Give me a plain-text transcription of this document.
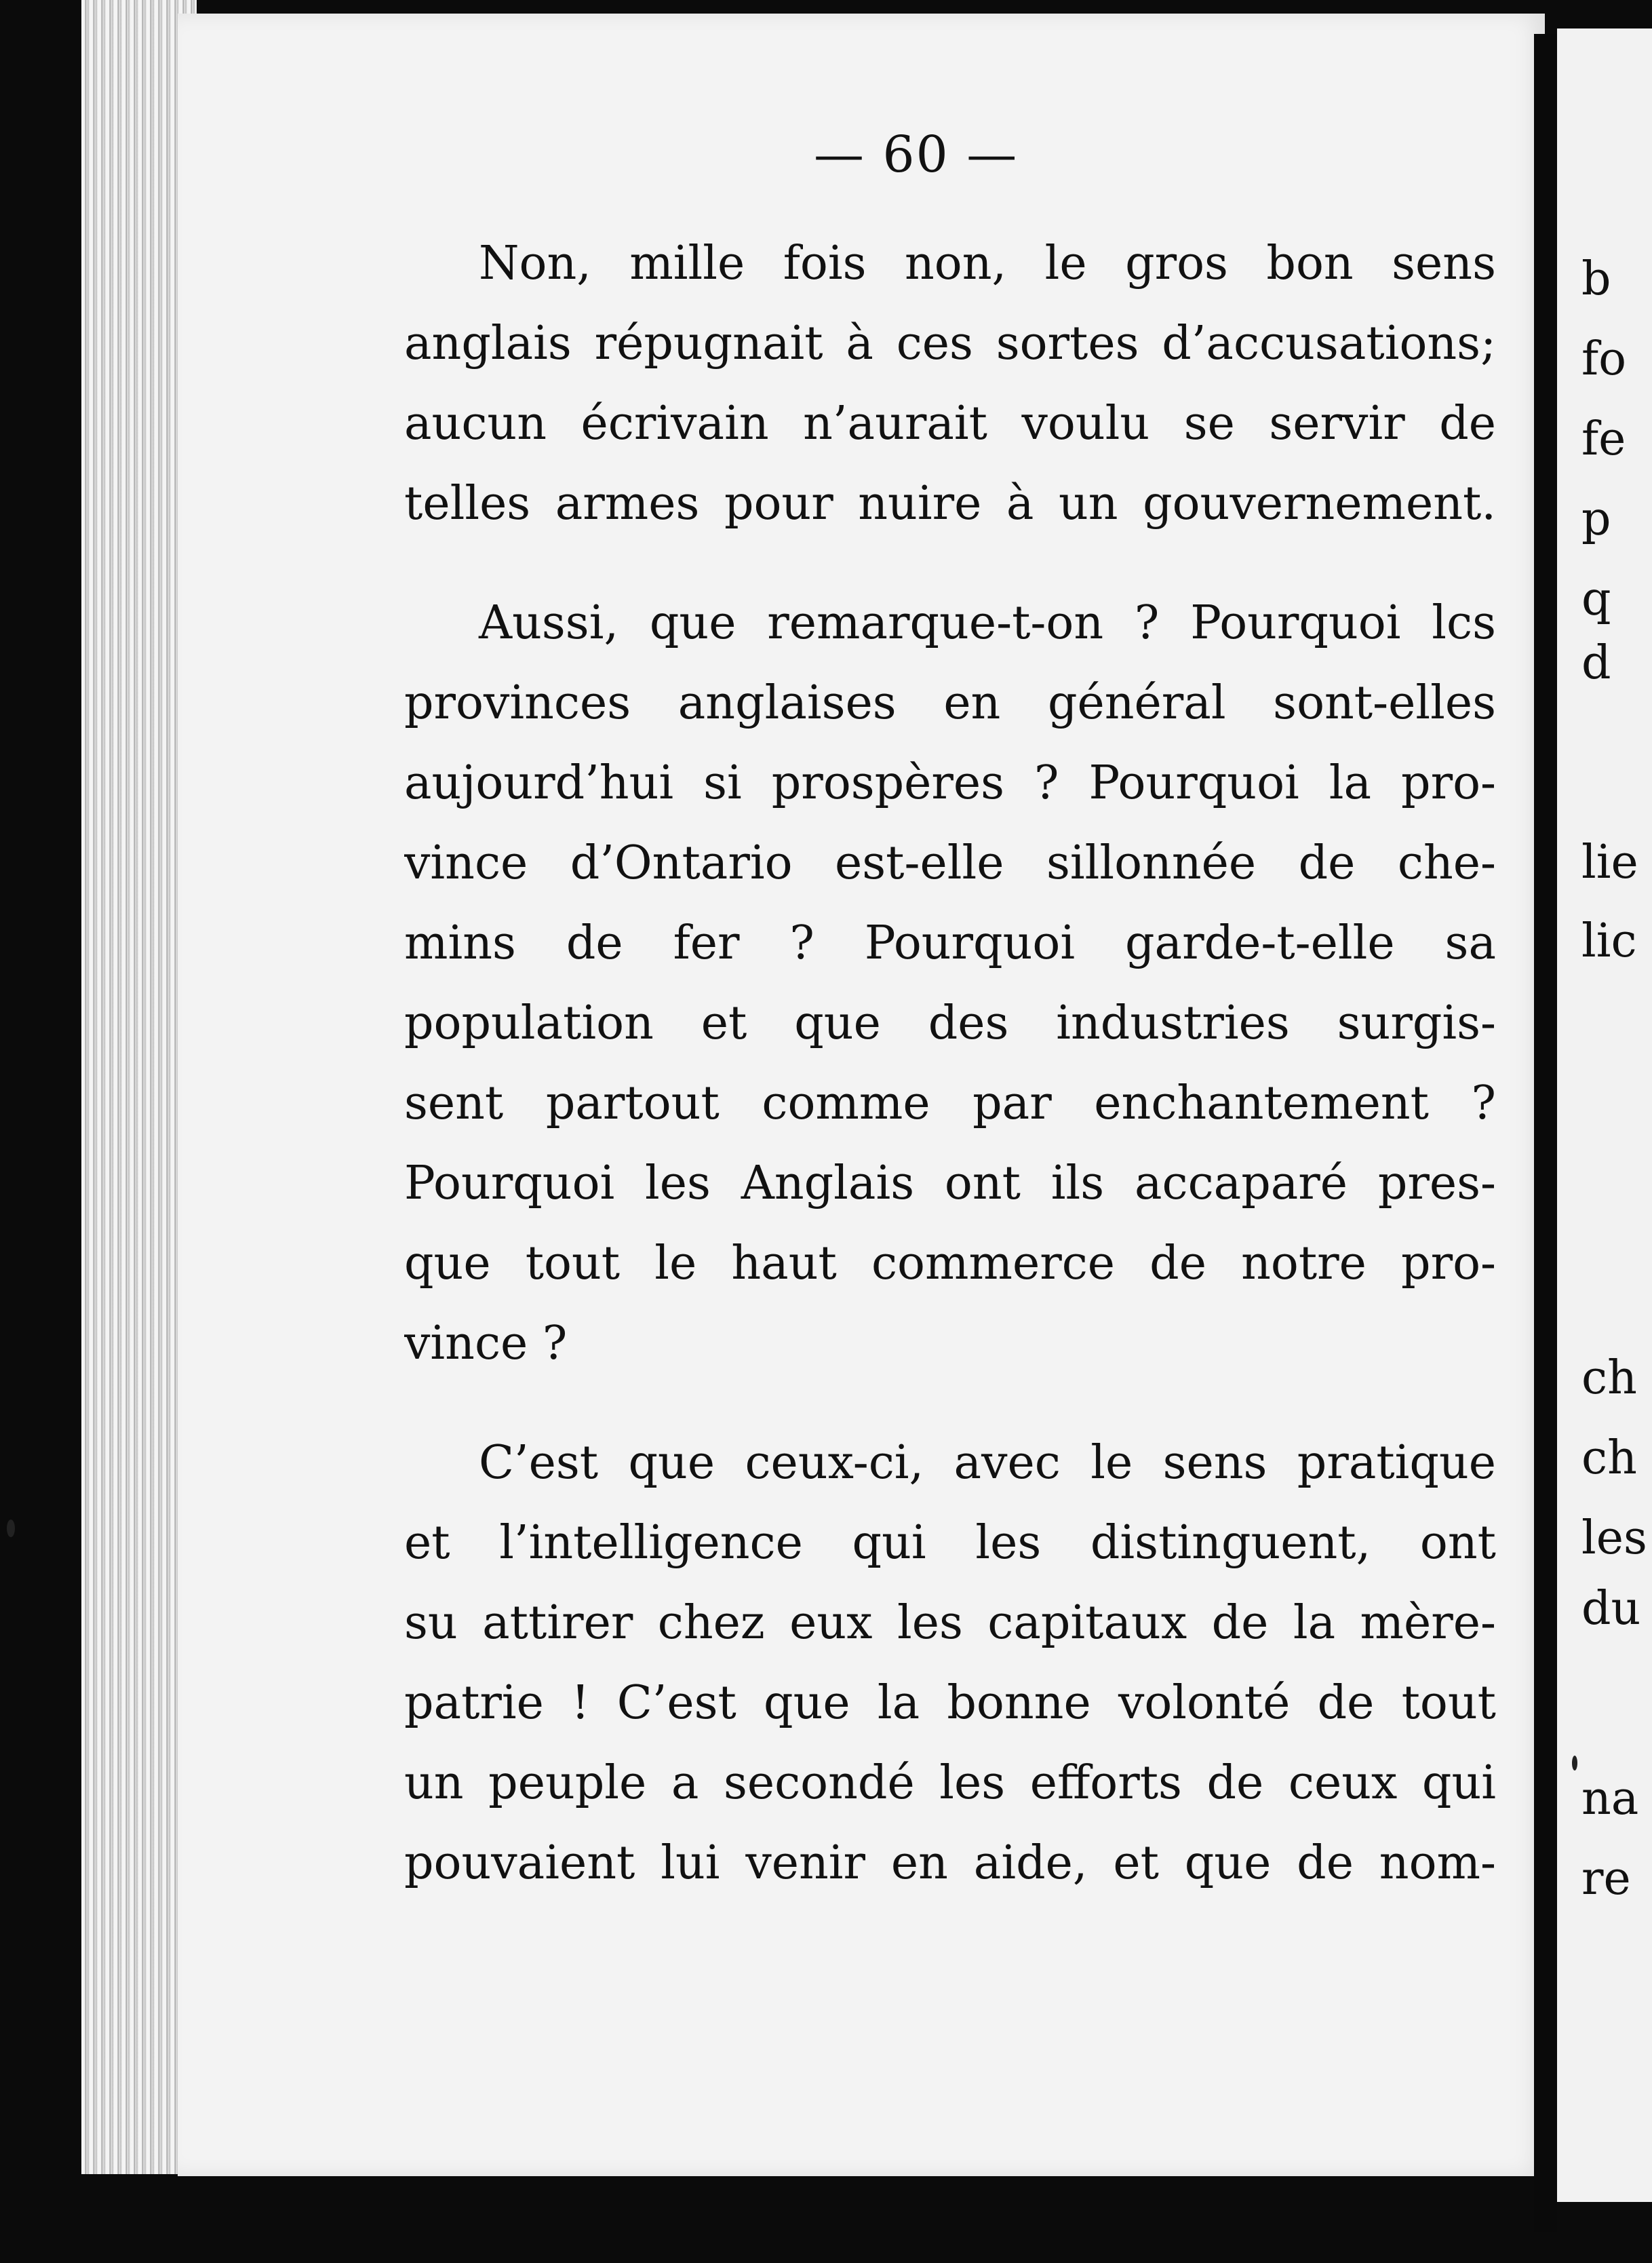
— 60 —
Non, mille fois non, le gros bon sens
anglais répugnait à ces sortes d’accusations;
aucun écrivain n’aurait voulu se servir de
telles armes pour nuire à un gouvernement.
Aussi, que remarque-t-on ? Pourquoi lcs
provinces anglaises en général sont-elles
aujourd’hui si prospères ? Pourquoi la pro-
vince d’Ontario est-elle sillonnée de che-
mins de fer ? Pourquoi garde-t-elle sa
population et que des industries surgis-
sent partout comme par enchantement ?
Pourquoi les Anglais ont ils accaparé pres-
que tout le haut commerce de notre pro-
vince ?
C’est que ceux-ci, avec le sens pratique
et l’intelligence qui les distinguent, ont
su attirer chez eux les capitaux de la mère-
patrie ! C’est que la bonne volonté de tout
un peuple a secondé les efforts de ceux qui
pouvaient lui venir en aide, et que de nom-
b
fo
fe
p
q
d
lie
lic
ch
ch
les
du
na
re
